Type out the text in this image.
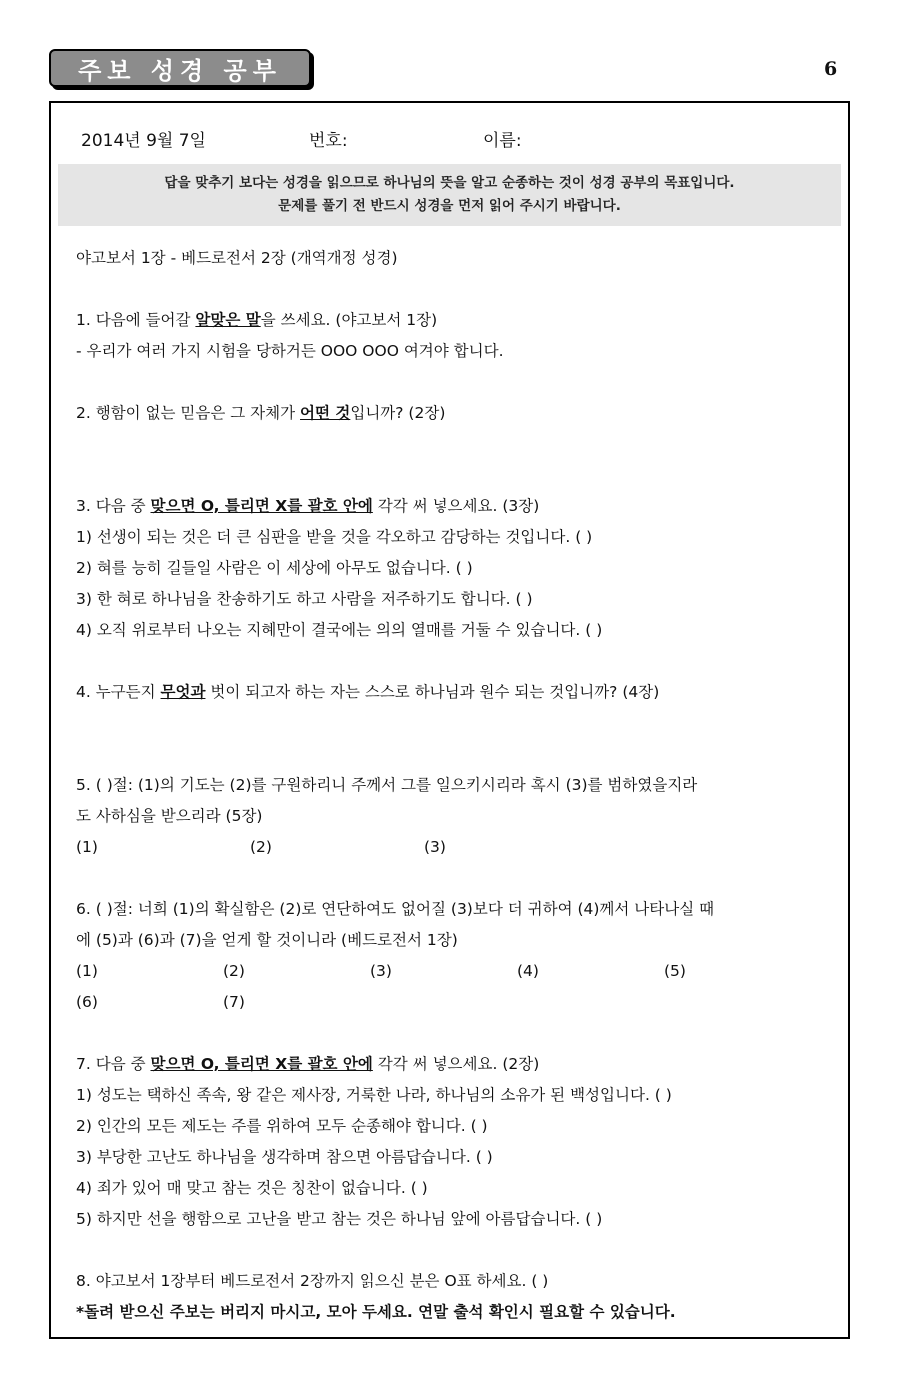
주보 성경 공부	6
2014년 9월 7일	번호:	이름:
답을 맞추기 보다는 성경을 읽으므로 하나님의 뜻을 알고 순종하는 것이 성경 공부의 목표입니다.
문제를 풀기 전 반드시 성경을 먼저 읽어 주시기 바랍니다.
야고보서 1장 - 베드로전서 2장 (개역개정 성경)
1. 다음에 들어갈 알맞은 말을 쓰세요. (야고보서 1장)
- 우리가 여러 가지 시험을 당하거든 OOO OOO 여겨야 합니다.
2. 행함이 없는 믿음은 그 자체가 어떤 것입니까? (2장)
3. 다음 중 맞으면 O, 틀리면 X를 괄호 안에 각각 써 넣으세요. (3장)
1) 선생이 되는 것은 더 큰 심판을 받을 것을 각오하고 감당하는 것입니다. ( )
2) 혀를 능히 길들일 사람은 이 세상에 아무도 없습니다. ( )
3) 한 혀로 하나님을 찬송하기도 하고 사람을 저주하기도 합니다. ( )
4) 오직 위로부터 나오는 지혜만이 결국에는 의의 열매를 거둘 수 있습니다. ( )
4. 누구든지 무엇과 벗이 되고자 하는 자는 스스로 하나님과 원수 되는 것입니까? (4장)
5. ( )절: (1)의 기도는 (2)를 구원하리니 주께서 그를 일으키시리라 혹시 (3)를 범하였을지라
도 사하심을 받으리라 (5장)
(1)	(2)	(3)
6. ( )절: 너희 (1)의 확실함은 (2)로 연단하여도 없어질 (3)보다 더 귀하여 (4)께서 나타나실 때
에 (5)과 (6)과 (7)을 얻게 할 것이니라 (베드로전서 1장)
(1)	(2)	(3)	(4)	(5)
(6)	(7)
7. 다음 중 맞으면 O, 틀리면 X를 괄호 안에 각각 써 넣으세요. (2장)
1) 성도는 택하신 족속, 왕 같은 제사장, 거룩한 나라, 하나님의 소유가 된 백성입니다. ( )
2) 인간의 모든 제도는 주를 위하여 모두 순종해야 합니다. ( )
3) 부당한 고난도 하나님을 생각하며 참으면 아름답습니다. ( )
4) 죄가 있어 매 맞고 참는 것은 칭찬이 없습니다. ( )
5) 하지만 선을 행함으로 고난을 받고 참는 것은 하나님 앞에 아름답습니다. ( )
8. 야고보서 1장부터 베드로전서 2장까지 읽으신 분은 O표 하세요. ( )
*돌려 받으신 주보는 버리지 마시고, 모아 두세요. 연말 출석 확인시 필요할 수 있습니다.
